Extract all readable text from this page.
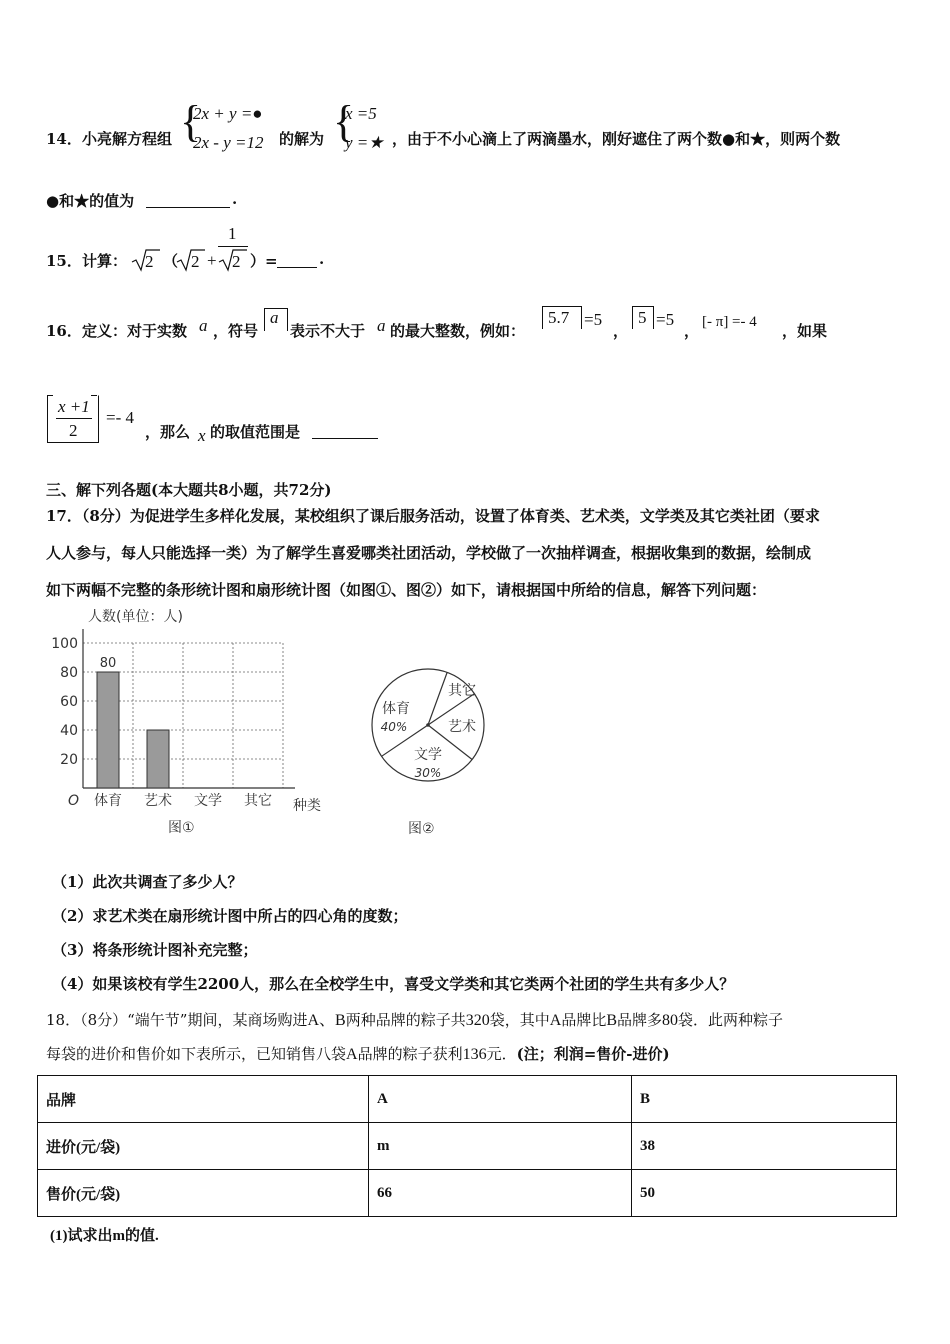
14． 小亮解方程组 {
2x + y =●
2x - y =12 的解为 {
x =5
y =★ ，由于不小心滴上了两滴墨水，刚好遮住了两个数●和★，则两个数
●和★的值为	.
15． 计算： 2 （ 2 +
1
2 ）=	.
16． 定义：对于实数 a ，符号
a
表示不大于 a 的最大整数，例如：
5.7 =5
，
5 =5
， [- π] =- 4 ，如果
x +1
2
=- 4
，那么 x 的取值范围是
三、解下列各题(本大题共8小题，共72分)
17．（8分）为促进学生多样化发展，某校组织了课后服务活动，设置了体育类、艺术类，文学类及其它类社团（要求
人人参与，每人只能选择一类）为了解学生喜爱哪类社团活动，学校做了一次抽样调查，根据收集到的数据，绘制成
如下两幅不完整的条形统计图和扇形统计图（如图①、图②）如下，请根据国中所给的信息，解答下列问题：
人数(单位：人)
20
40
60
80
100
80
体育 艺术 文学 其它
O	种类
图①
体育
40%	艺术
文学
30%
其它
图②
（1）此次共调查了多少人？
（2）求艺术类在扇形统计图中所占的四心角的度数；
（3）将条形统计图补充完整；
（4）如果该校有学生2200人，那么在全校学生中，喜受文学类和其它类两个社团的学生共有多少人？
18．（8分）“端午节”期间，某商场购进A、B两种品牌的粽子共320袋，其中A品牌比B品牌多80袋．此两种粽子
每袋的进价和售价如下表所示，已知销售八袋A品牌的粽子获利136元．(注；利润=售价-进价)
品牌	A	B
进价(元/袋)	m	38
售价(元/袋)	66	50
(1)试求出m的值.
